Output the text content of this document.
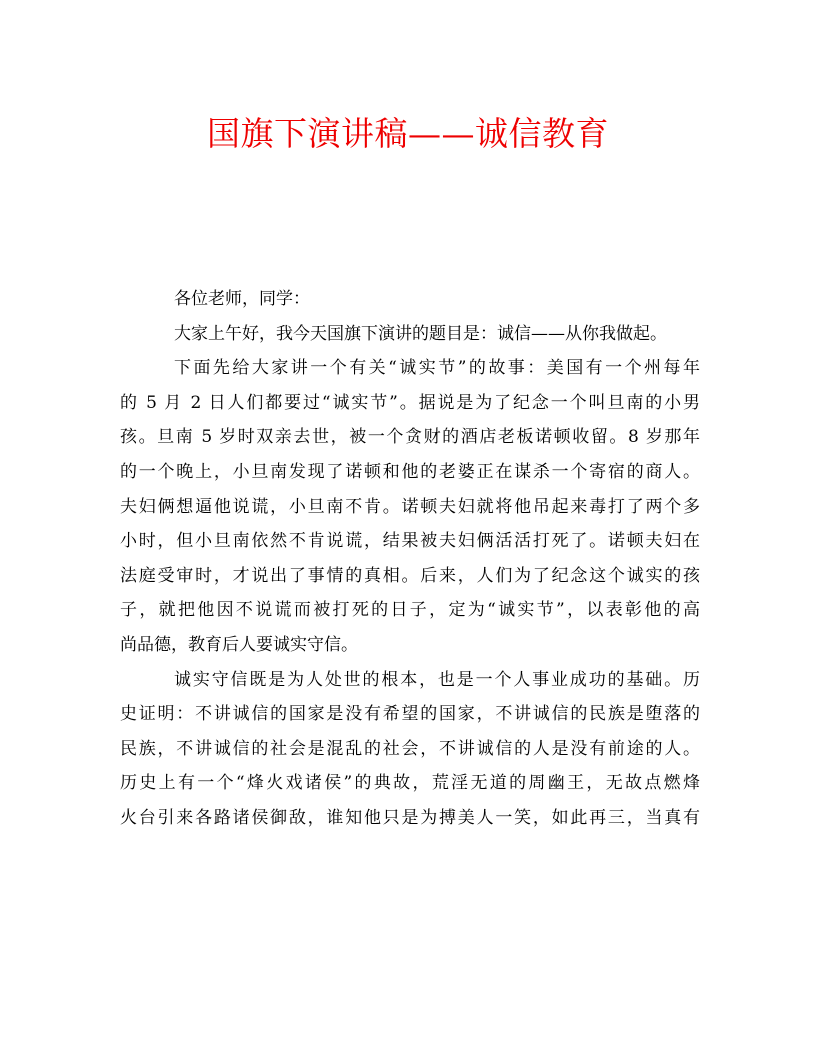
国旗下演讲稿——诚信教育
各位老师，同学：
大家上午好，我今天国旗下演讲的题目是：诚信——从你我做起。
下面先给大家讲一个有关“诚实节”的故事：美国有一个州每年
的 5 月 2 日人们都要过“诚实节”。据说是为了纪念一个叫旦南的小男
孩。旦南 5 岁时双亲去世，被一个贪财的酒店老板诺顿收留。8 岁那年
的一个晚上，小旦南发现了诺顿和他的老婆正在谋杀一个寄宿的商人。
夫妇俩想逼他说谎，小旦南不肯。诺顿夫妇就将他吊起来毒打了两个多
小时，但小旦南依然不肯说谎，结果被夫妇俩活活打死了。诺顿夫妇在
法庭受审时，才说出了事情的真相。后来，人们为了纪念这个诚实的孩
子，就把他因不说谎而被打死的日子，定为“诚实节”，以表彰他的高
尚品德，教育后人要诚实守信。
诚实守信既是为人处世的根本，也是一个人事业成功的基础。历
史证明：不讲诚信的国家是没有希望的国家，不讲诚信的民族是堕落的
民族，不讲诚信的社会是混乱的社会，不讲诚信的人是没有前途的人。
历史上有一个“烽火戏诸侯”的典故，荒淫无道的周幽王，无故点燃烽
火台引来各路诸侯御敌，谁知他只是为搏美人一笑，如此再三，当真有
